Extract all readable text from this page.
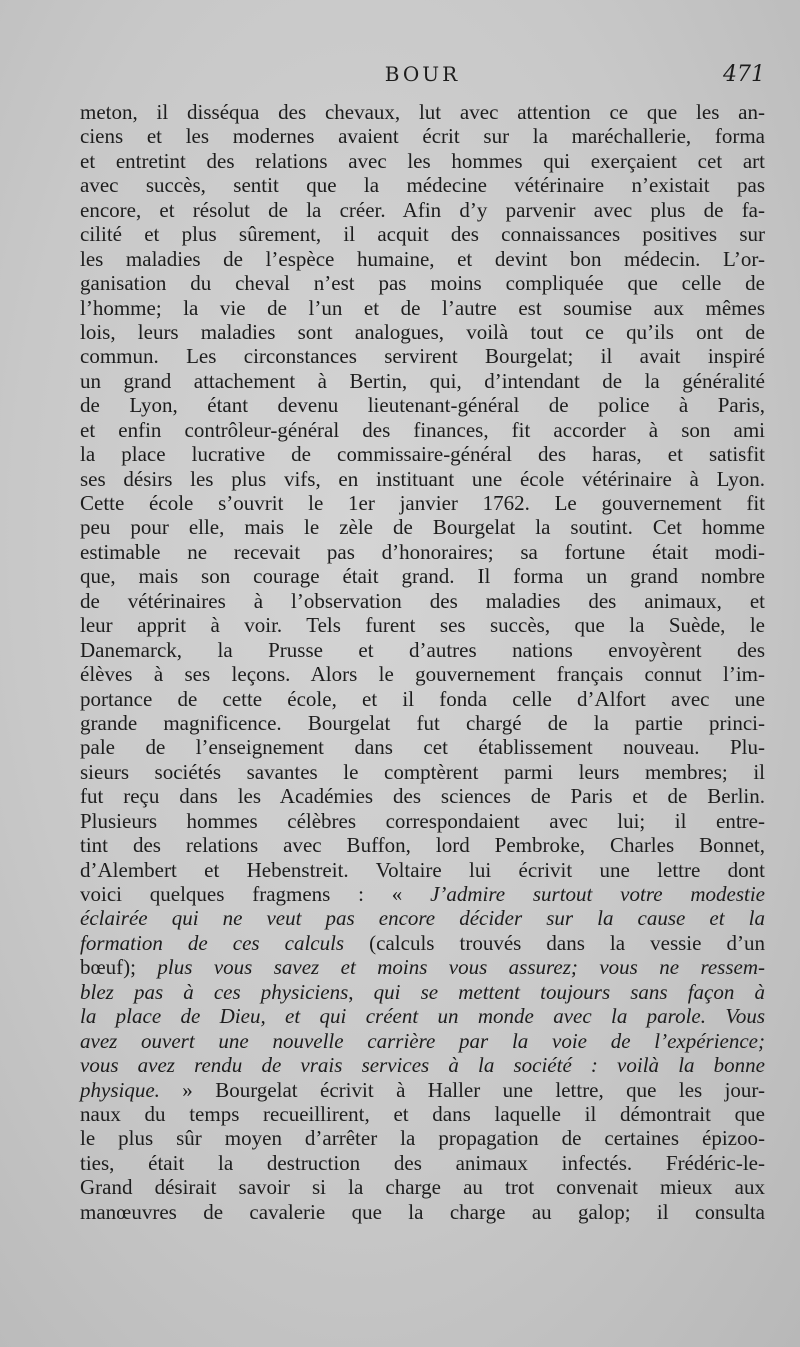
BOUR	471
meton, il disséqua des chevaux, lut avec attention ce que les an-
ciens et les modernes avaient écrit sur la maréchallerie, forma
et entretint des relations avec les hommes qui exerçaient cet art
avec succès, sentit que la médecine vétérinaire n’existait pas
encore, et résolut de la créer. Afin d’y parvenir avec plus de fa-
cilité et plus sûrement, il acquit des connaissances positives sur
les maladies de l’espèce humaine, et devint bon médecin. L’or-
ganisation du cheval n’est pas moins compliquée que celle de
l’homme; la vie de l’un et de l’autre est soumise aux mêmes
lois, leurs maladies sont analogues, voilà tout ce qu’ils ont de
commun. Les circonstances servirent Bourgelat; il avait inspiré
un grand attachement à Bertin, qui, d’intendant de la généralité
de Lyon, étant devenu lieutenant-général de police à Paris,
et enfin contrôleur-général des finances, fit accorder à son ami
la place lucrative de commissaire-général des haras, et satisfit
ses désirs les plus vifs, en instituant une école vétérinaire à Lyon.
Cette école s’ouvrit le 1er janvier 1762. Le gouvernement fit
peu pour elle, mais le zèle de Bourgelat la soutint. Cet homme
estimable ne recevait pas d’honoraires; sa fortune était modi-
que, mais son courage était grand. Il forma un grand nombre
de vétérinaires à l’observation des maladies des animaux, et
leur apprit à voir. Tels furent ses succès, que la Suède, le
Danemarck, la Prusse et d’autres nations envoyèrent des
élèves à ses leçons. Alors le gouvernement français connut l’im-
portance de cette école, et il fonda celle d’Alfort avec une
grande magnificence. Bourgelat fut chargé de la partie princi-
pale de l’enseignement dans cet établissement nouveau. Plu-
sieurs sociétés savantes le comptèrent parmi leurs membres; il
fut reçu dans les Académies des sciences de Paris et de Berlin.
Plusieurs hommes célèbres correspondaient avec lui; il entre-
tint des relations avec Buffon, lord Pembroke, Charles Bonnet,
d’Alembert et Hebenstreit. Voltaire lui écrivit une lettre dont
voici quelques fragmens : « J’admire surtout votre modestie
éclairée qui ne veut pas encore décider sur la cause et la
formation de ces calculs (calculs trouvés dans la vessie d’un
bœuf); plus vous savez et moins vous assurez; vous ne ressem-
blez pas à ces physiciens, qui se mettent toujours sans façon à
la place de Dieu, et qui créent un monde avec la parole. Vous
avez ouvert une nouvelle carrière par la voie de l’expérience;
vous avez rendu de vrais services à la société : voilà la bonne
physique. » Bourgelat écrivit à Haller une lettre, que les jour-
naux du temps recueillirent, et dans laquelle il démontrait que
le plus sûr moyen d’arrêter la propagation de certaines épizoo-
ties, était la destruction des animaux infectés. Frédéric-le-
Grand désirait savoir si la charge au trot convenait mieux aux
manœuvres de cavalerie que la charge au galop; il consulta
